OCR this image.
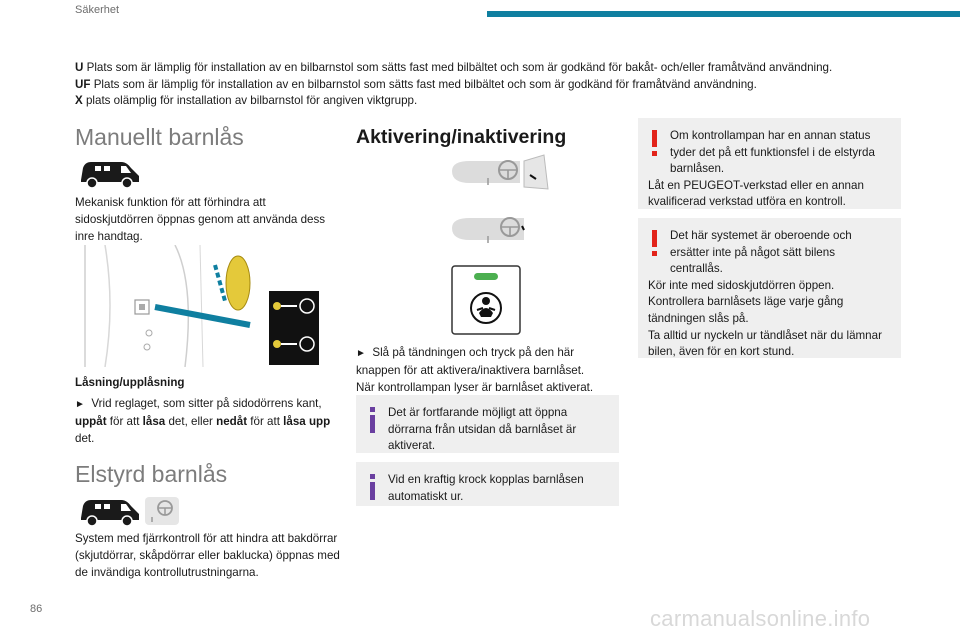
Säkerhet
U Plats som är lämplig för installation av en bilbarnstol som sätts fast med bilbältet och som är godkänd för bakåt- och/eller framåtvänd användning.
UF Plats som är lämplig för installation av en bilbarnstol som sätts fast med bilbältet och som är godkänd för framåtvänd användning.
X plats olämplig för installation av bilbarnstol för angiven viktgrupp.
Manuellt barnlås
Mekanisk funktion för att förhindra att sidoskjutdörren öppnas genom att använda dess inre handtag.
Låsning/upplåsning
► Vrid reglaget, som sitter på sidodörrens kant, uppåt för att låsa det, eller nedåt för att låsa upp det.
Elstyrd barnlås
System med fjärrkontroll för att hindra att bakdörrar (skjutdörrar, skåpdörrar eller baklucka) öppnas med de invändiga kontrollutrustningarna.
Aktivering/inaktivering
► Slå på tändningen och tryck på den här knappen för att aktivera/inaktivera barnlåset.
När kontrollampan lyser är barnlåset aktiverat.
Det är fortfarande möjligt att öppna dörrarna från utsidan då barnlåset är aktiverat.
Vid en kraftig krock kopplas barnlåsen automatiskt ur.
Om kontrollampan har en annan status tyder det på ett funktionsfel i de elstyrda barnlåsen.
Låt en PEUGEOT-verkstad eller en annan kvalificerad verkstad utföra en kontroll.
Det här systemet är oberoende och ersätter inte på något sätt bilens centrallås.
Kör inte med sidoskjutdörren öppen.
Kontrollera barnlåsets läge varje gång tändningen slås på.
Ta alltid ur nyckeln ur tändlåset när du lämnar bilen, även för en kort stund.
86	carmanualsonline.info
